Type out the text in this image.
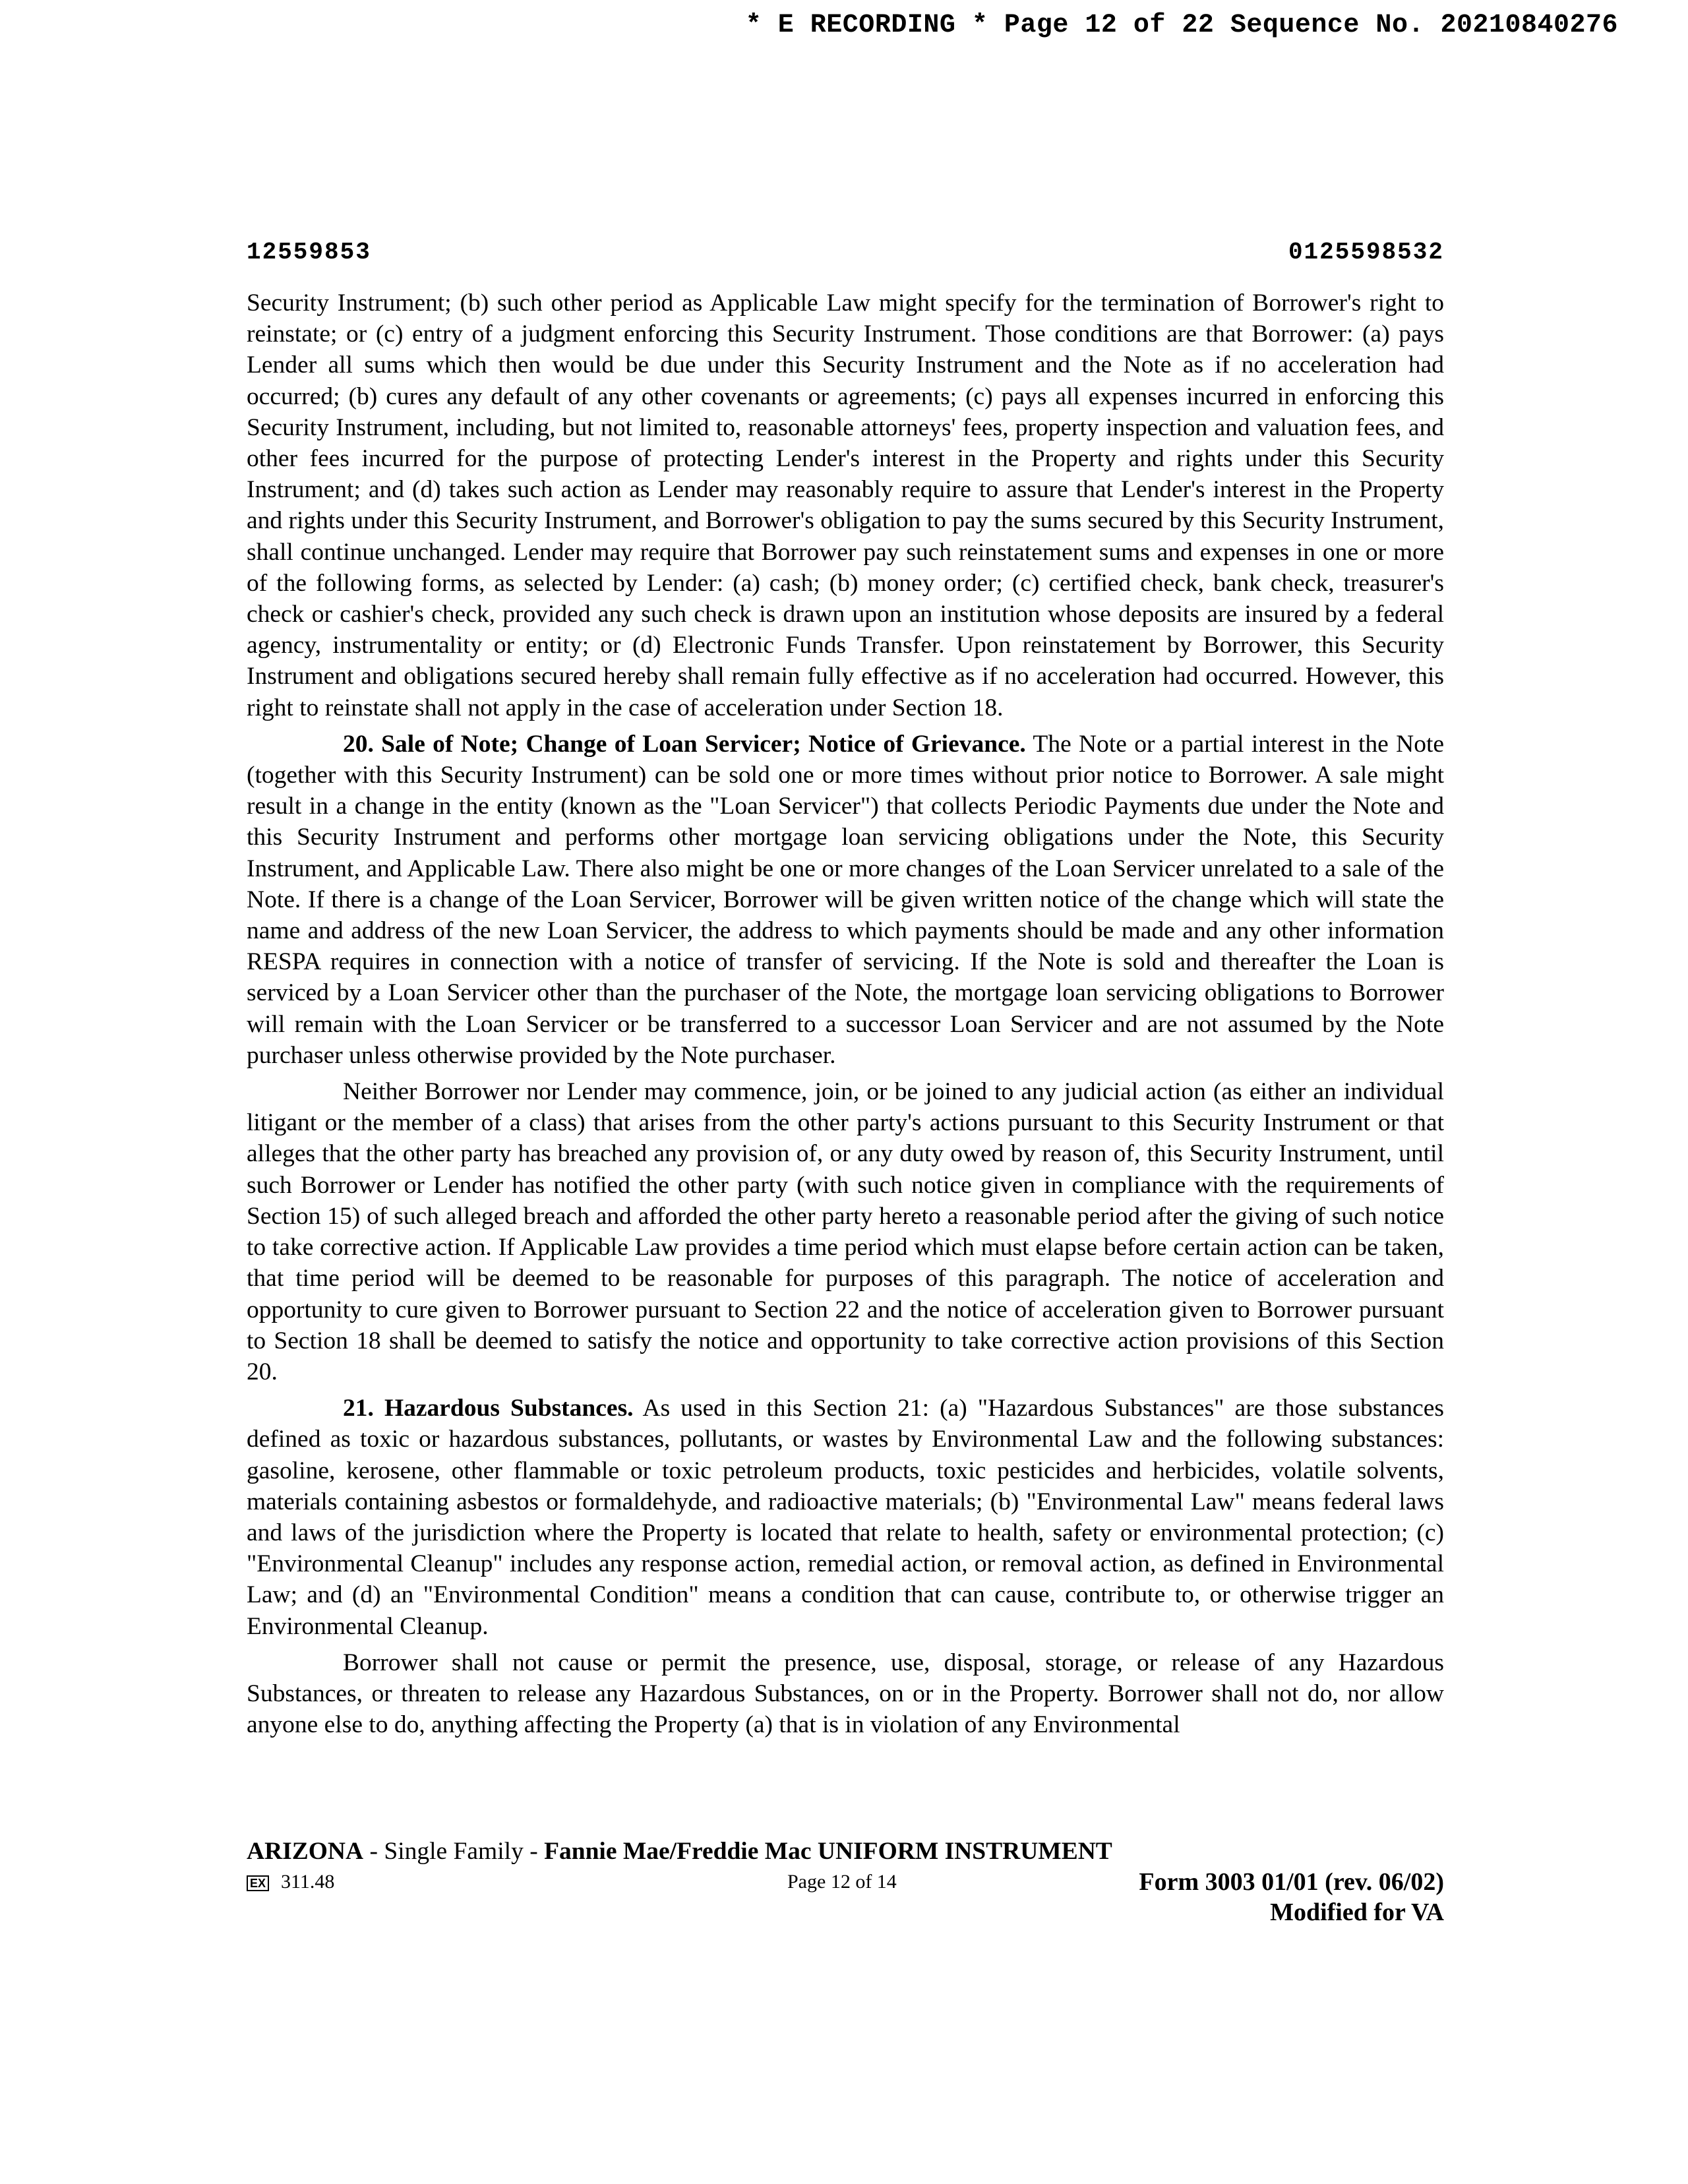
* E RECORDING * Page 12 of 22 Sequence No. 20210840276
12559853	0125598532

Security Instrument; (b) such other period as Applicable Law might specify for the termination of Borrower's right to reinstate; or (c) entry of a judgment enforcing this Security Instrument. Those conditions are that Borrower: (a) pays Lender all sums which then would be due under this Security Instrument and the Note as if no acceleration had occurred; (b) cures any default of any other covenants or agreements; (c) pays all expenses incurred in enforcing this Security Instrument, including, but not limited to, reasonable attorneys' fees, property inspection and valuation fees, and other fees incurred for the purpose of protecting Lender's interest in the Property and rights under this Security Instrument; and (d) takes such action as Lender may reasonably require to assure that Lender's interest in the Property and rights under this Security Instrument, and Borrower's obligation to pay the sums secured by this Security Instrument, shall continue unchanged. Lender may require that Borrower pay such reinstatement sums and expenses in one or more of the following forms, as selected by Lender: (a) cash; (b) money order; (c) certified check, bank check, treasurer's check or cashier's check, provided any such check is drawn upon an institution whose deposits are insured by a federal agency, instrumentality or entity; or (d) Electronic Funds Transfer. Upon reinstatement by Borrower, this Security Instrument and obligations secured hereby shall remain fully effective as if no acceleration had occurred. However, this right to reinstate shall not apply in the case of acceleration under Section 18.

20. Sale of Note; Change of Loan Servicer; Notice of Grievance. The Note or a partial interest in the Note (together with this Security Instrument) can be sold one or more times without prior notice to Borrower. A sale might result in a change in the entity (known as the "Loan Servicer") that collects Periodic Payments due under the Note and this Security Instrument and performs other mortgage loan servicing obligations under the Note, this Security Instrument, and Applicable Law. There also might be one or more changes of the Loan Servicer unrelated to a sale of the Note. If there is a change of the Loan Servicer, Borrower will be given written notice of the change which will state the name and address of the new Loan Servicer, the address to which payments should be made and any other information RESPA requires in connection with a notice of transfer of servicing. If the Note is sold and thereafter the Loan is serviced by a Loan Servicer other than the purchaser of the Note, the mortgage loan servicing obligations to Borrower will remain with the Loan Servicer or be transferred to a successor Loan Servicer and are not assumed by the Note purchaser unless otherwise provided by the Note purchaser.

Neither Borrower nor Lender may commence, join, or be joined to any judicial action (as either an individual litigant or the member of a class) that arises from the other party's actions pursuant to this Security Instrument or that alleges that the other party has breached any provision of, or any duty owed by reason of, this Security Instrument, until such Borrower or Lender has notified the other party (with such notice given in compliance with the requirements of Section 15) of such alleged breach and afforded the other party hereto a reasonable period after the giving of such notice to take corrective action. If Applicable Law provides a time period which must elapse before certain action can be taken, that time period will be deemed to be reasonable for purposes of this paragraph. The notice of acceleration and opportunity to cure given to Borrower pursuant to Section 22 and the notice of acceleration given to Borrower pursuant to Section 18 shall be deemed to satisfy the notice and opportunity to take corrective action provisions of this Section 20.

21. Hazardous Substances. As used in this Section 21: (a) "Hazardous Substances" are those substances defined as toxic or hazardous substances, pollutants, or wastes by Environmental Law and the following substances: gasoline, kerosene, other flammable or toxic petroleum products, toxic pesticides and herbicides, volatile solvents, materials containing asbestos or formaldehyde, and radioactive materials; (b) "Environmental Law" means federal laws and laws of the jurisdiction where the Property is located that relate to health, safety or environmental protection; (c) "Environmental Cleanup" includes any response action, remedial action, or removal action, as defined in Environmental Law; and (d) an "Environmental Condition" means a condition that can cause, contribute to, or otherwise trigger an Environmental Cleanup.

Borrower shall not cause or permit the presence, use, disposal, storage, or release of any Hazardous Substances, or threaten to release any Hazardous Substances, on or in the Property. Borrower shall not do, nor allow anyone else to do, anything affecting the Property (a) that is in violation of any Environmental

ARIZONA - Single Family - Fannie Mae/Freddie Mac UNIFORM INSTRUMENT
EX 311.48	Page 12 of 14	Form 3003 01/01 (rev. 06/02)
Modified for VA
